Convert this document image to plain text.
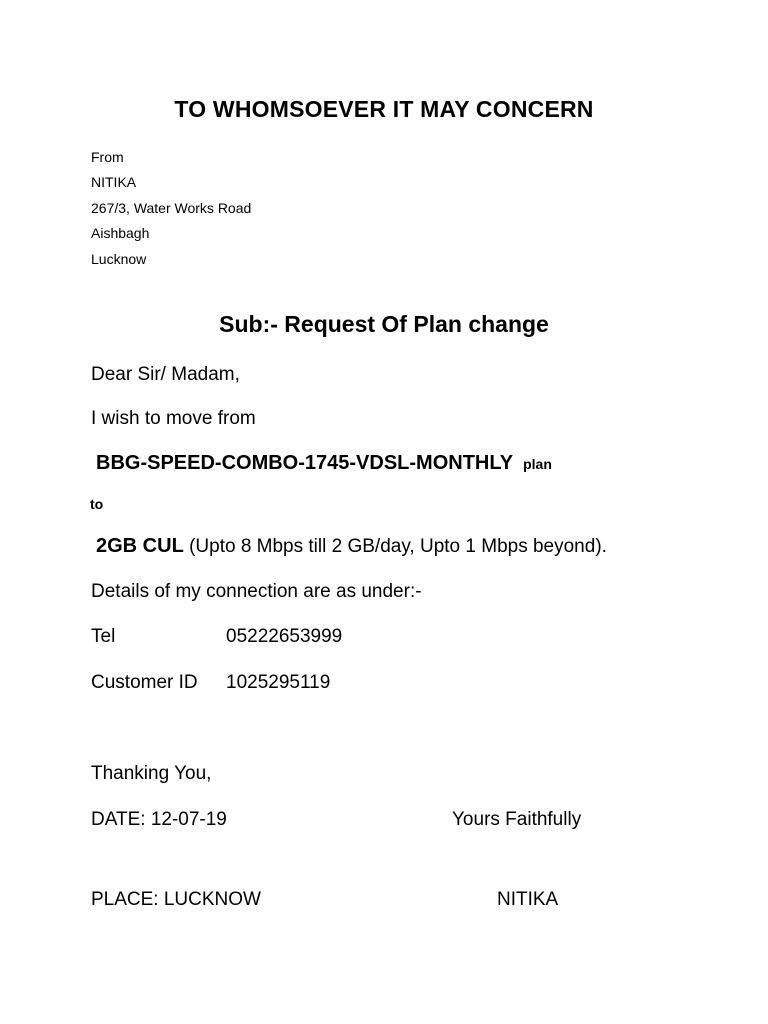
TO WHOMSOEVER IT MAY CONCERN
From
NITIKA
267/3, Water Works Road
Aishbagh
Lucknow
Sub:- Request Of Plan change
Dear Sir/ Madam,
I wish to move from
BBG-SPEED-COMBO-1745-VDSL-MONTHLY plan
to
2GB CUL (Upto 8 Mbps till 2 GB/day, Upto 1 Mbps beyond).
Details of my connection are as under:-
Tel	05222653999
Customer ID 1025295119
Thanking You,
DATE: 12-07-19	Yours Faithfully
PLACE: LUCKNOW	NITIKA
